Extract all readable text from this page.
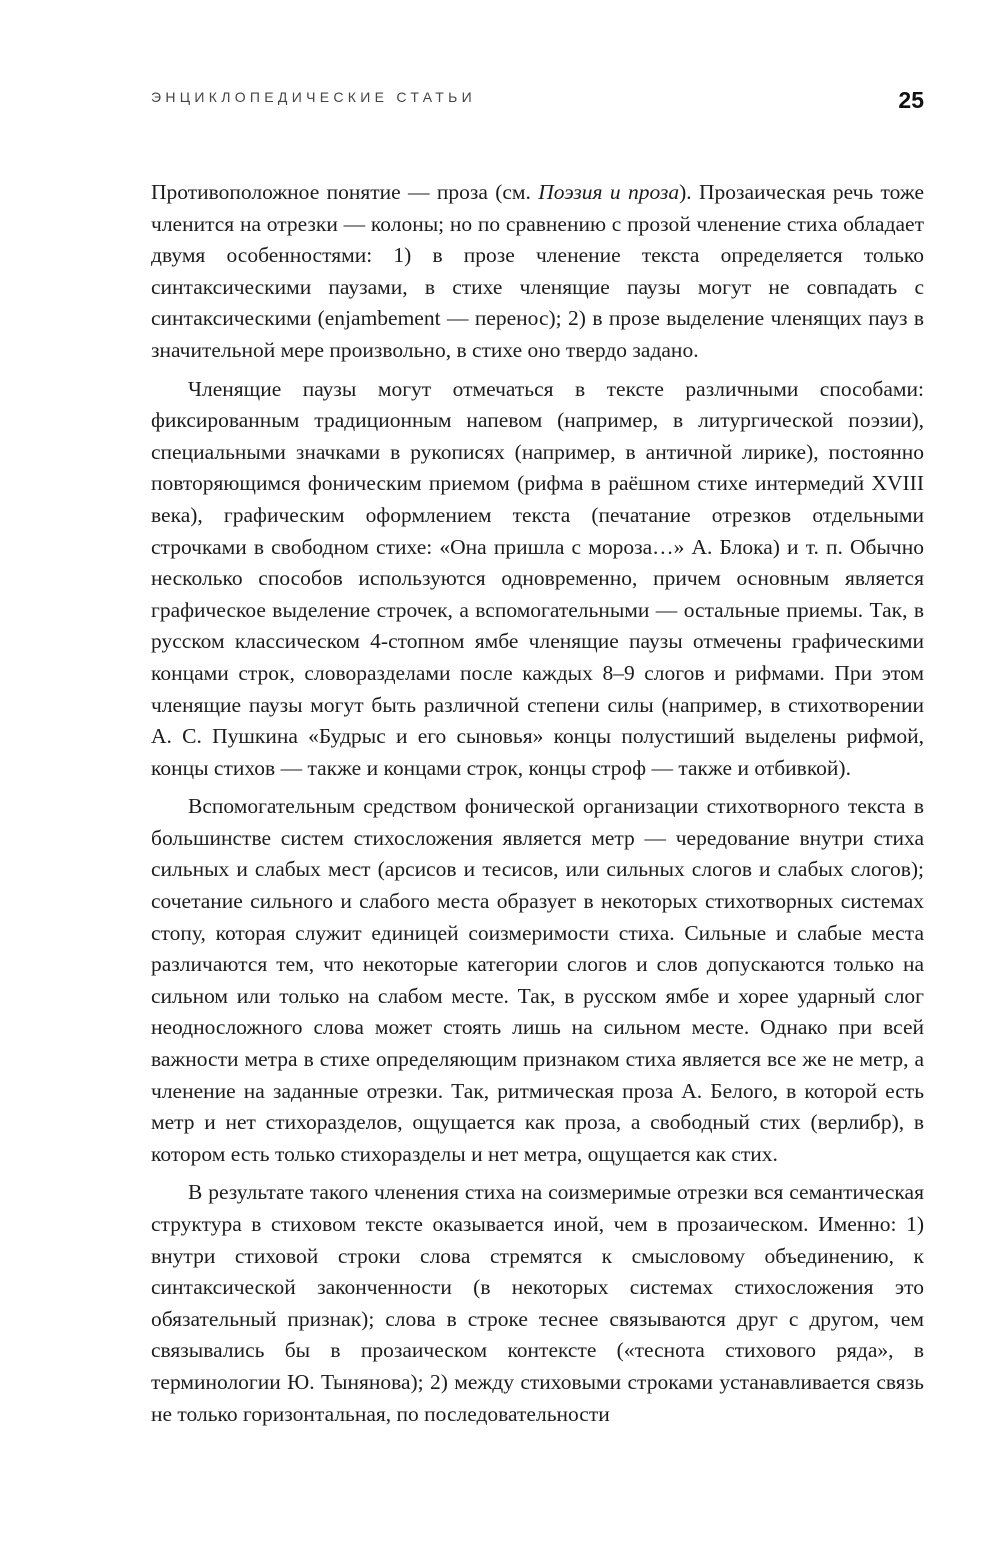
ЭНЦИКЛОПЕДИЧЕСКИЕ СТАТЬИ	25

Противоположное понятие — проза (см. Поэзия и проза). Прозаическая речь тоже членится на отрезки — колоны; но по сравнению с прозой членение стиха обладает двумя особенностями: 1) в прозе членение текста определяется только синтаксическими паузами, в стихе членящие паузы могут не совпадать с синтаксическими (enjambement — перенос); 2) в прозе выделение членящих пауз в значительной мере произвольно, в стихе оно твердо задано.

Членящие паузы могут отмечаться в тексте различными способами: фиксированным традиционным напевом (например, в литургической поэзии), специальными значками в рукописях (например, в античной лирике), постоянно повторяющимся фоническим приемом (рифма в раёшном стихе интермедий XVIII века), графическим оформлением текста (печатание отрезков отдельными строчками в свободном стихе: «Она пришла с мороза…» А. Блока) и т. п. Обычно несколько способов используются одновременно, причем основным является графическое выделение строчек, а вспомогательными — остальные приемы. Так, в русском классическом 4-стопном ямбе членящие паузы отмечены графическими концами строк, словоразделами после каждых 8–9 слогов и рифмами. При этом членящие паузы могут быть различной степени силы (например, в стихотворении А. С. Пушкина «Будрыс и его сыновья» концы полустиший выделены рифмой, концы стихов — также и концами строк, концы строф — также и отбивкой).

Вспомогательным средством фонической организации стихотворного текста в большинстве систем стихосложения является метр — чередование внутри стиха сильных и слабых мест (арсисов и тесисов, или сильных слогов и слабых слогов); сочетание сильного и слабого места образует в некоторых стихотворных системах стопу, которая служит единицей соизмеримости стиха. Сильные и слабые места различаются тем, что некоторые категории слогов и слов допускаются только на сильном или только на слабом месте. Так, в русском ямбе и хорее ударный слог неодносложного слова может стоять лишь на сильном месте. Однако при всей важности метра в стихе определяющим признаком стиха является все же не метр, а членение на заданные отрезки. Так, ритмическая проза А. Белого, в которой есть метр и нет стихоразделов, ощущается как проза, а свободный стих (верлибр), в котором есть только стихоразделы и нет метра, ощущается как стих.

В результате такого членения стиха на соизмеримые отрезки вся семантическая структура в стиховом тексте оказывается иной, чем в прозаическом. Именно: 1) внутри стиховой строки слова стремятся к смысловому объединению, к синтаксической законченности (в некоторых системах стихосложения это обязательный признак); слова в строке теснее связываются друг с другом, чем связывались бы в прозаическом контексте («теснота стихового ряда», в терминологии Ю. Тынянова); 2) между стиховыми строками устанавливается связь не только горизонтальная, по последовательности
